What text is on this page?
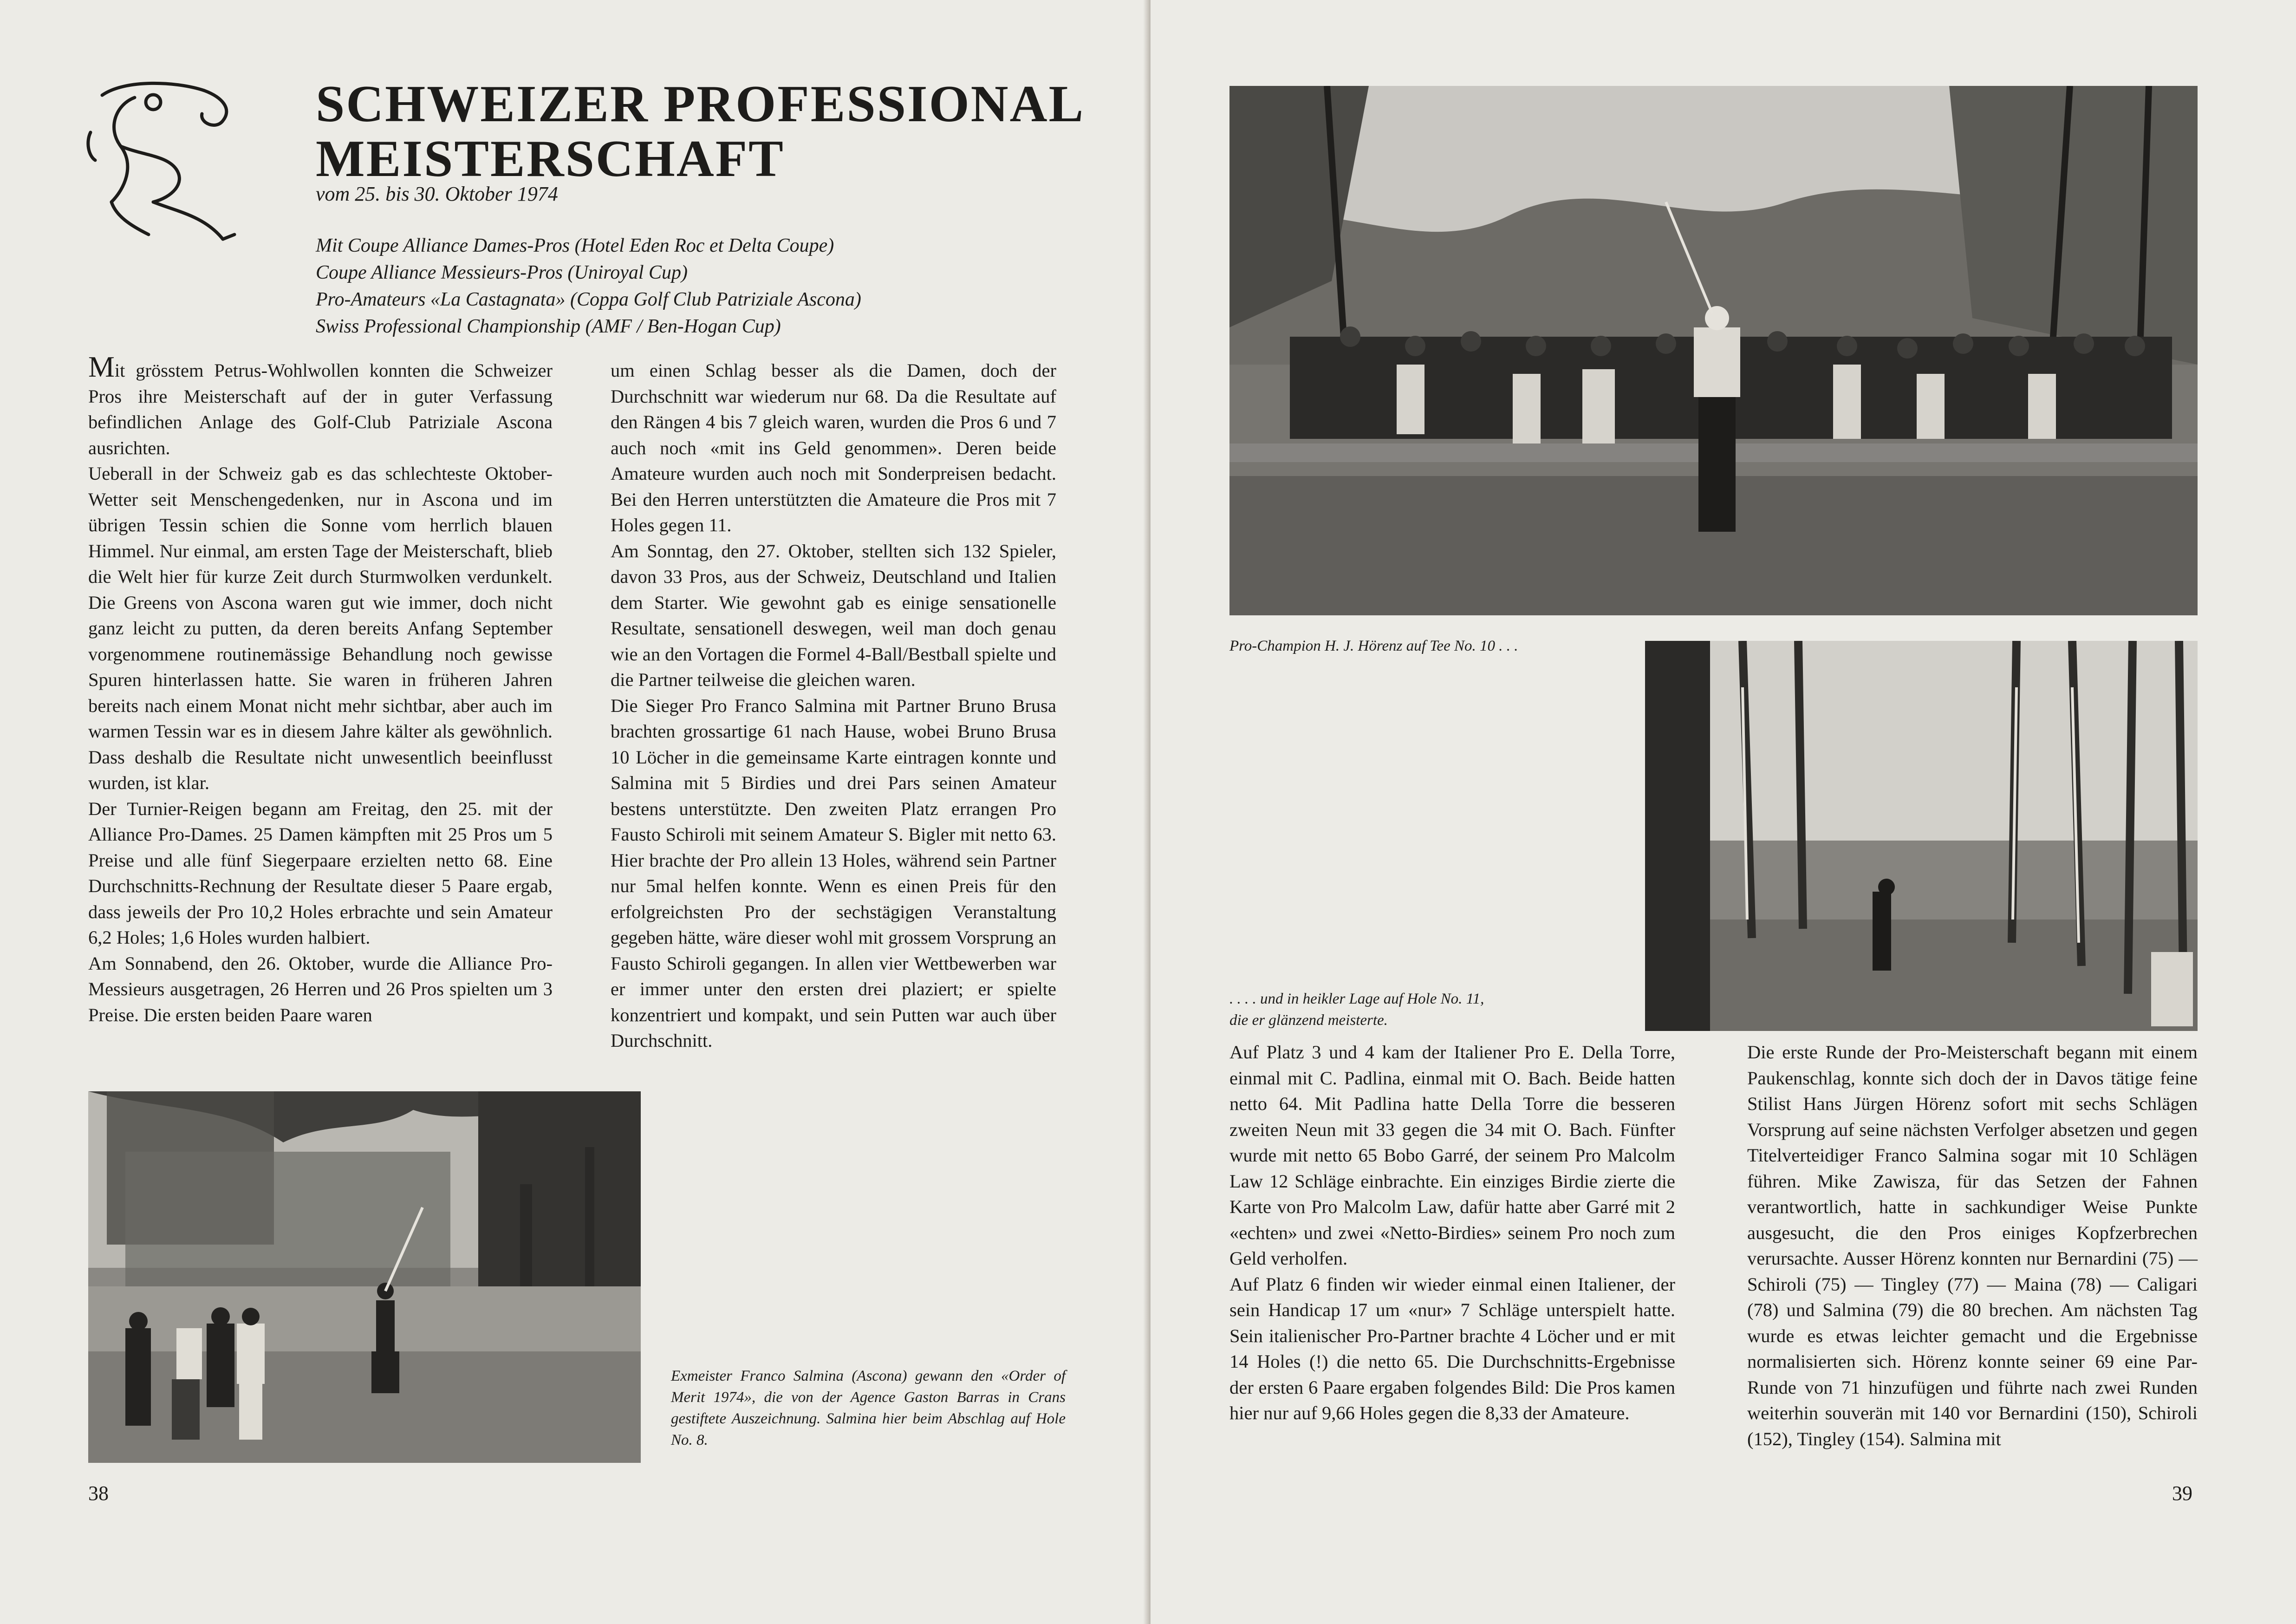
SCHWEIZER PROFESSIONAL
MEISTERSCHAFT

vom 25. bis 30. Oktober 1974

Mit Coupe Alliance Dames-Pros (Hotel Eden Roc et Delta Coupe)
Coupe Alliance Messieurs-Pros (Uniroyal Cup)
Pro-Amateurs «La Castagnata» (Coppa Golf Club Patriziale Ascona)
Swiss Professional Championship (AMF / Ben-Hogan Cup)

Mit grösstem Petrus-Wohlwollen konnten die Schweizer Pros ihre Meisterschaft auf der in guter Verfassung befindlichen Anlage des Golf-Club Patriziale Ascona ausrichten.

Ueberall in der Schweiz gab es das schlechteste Oktober-Wetter seit Menschengedenken, nur in Ascona und im übrigen Tessin schien die Sonne vom herrlich blauen Himmel. Nur einmal, am ersten Tage der Meisterschaft, blieb die Welt hier für kurze Zeit durch Sturmwolken verdunkelt. Die Greens von Ascona waren gut wie immer, doch nicht ganz leicht zu putten, da deren bereits Anfang September vorgenommene routinemässige Behandlung noch gewisse Spuren hinterlassen hatte. Sie waren in früheren Jahren bereits nach einem Monat nicht mehr sichtbar, aber auch im warmen Tessin war es in diesem Jahre kälter als gewöhnlich. Dass deshalb die Resultate nicht unwesentlich beeinflusst wurden, ist klar.

Der Turnier-Reigen begann am Freitag, den 25. mit der Alliance Pro-Dames. 25 Damen kämpften mit 25 Pros um 5 Preise und alle fünf Siegerpaare erzielten netto 68. Eine Durchschnitts-Rechnung der Resultate dieser 5 Paare ergab, dass jeweils der Pro 10,2 Holes erbrachte und sein Amateur 6,2 Holes; 1,6 Holes wurden halbiert.

Am Sonnabend, den 26. Oktober, wurde die Alliance Pro-Messieurs ausgetragen, 26 Herren und 26 Pros spielten um 3 Preise. Die ersten beiden Paare waren

um einen Schlag besser als die Damen, doch der Durchschnitt war wiederum nur 68. Da die Resultate auf den Rängen 4 bis 7 gleich waren, wurden die Pros 6 und 7 auch noch «mit ins Geld genommen». Deren beide Amateure wurden auch noch mit Sonderpreisen bedacht. Bei den Herren unterstützten die Amateure die Pros mit 7 Holes gegen 11.

Am Sonntag, den 27. Oktober, stellten sich 132 Spieler, davon 33 Pros, aus der Schweiz, Deutschland und Italien dem Starter. Wie gewohnt gab es einige sensationelle Resultate, sensationell deswegen, weil man doch genau wie an den Vortagen die Formel 4-Ball/Bestball spielte und die Partner teilweise die gleichen waren.

Die Sieger Pro Franco Salmina mit Partner Bruno Brusa brachten grossartige 61 nach Hause, wobei Bruno Brusa 10 Löcher in die gemeinsame Karte eintragen konnte und Salmina mit 5 Birdies und drei Pars seinen Amateur bestens unterstützte. Den zweiten Platz errangen Pro Fausto Schiroli mit seinem Amateur S. Bigler mit netto 63. Hier brachte der Pro allein 13 Holes, während sein Partner nur 5mal helfen konnte. Wenn es einen Preis für den erfolgreichsten Pro der sechstägigen Veranstaltung gegeben hätte, wäre dieser wohl mit grossem Vorsprung an Fausto Schiroli gegangen. In allen vier Wettbewerben war er immer unter den ersten drei plaziert; er spielte konzentriert und kompakt, und sein Putten war auch über Durchschnitt.

Exmeister Franco Salmina (Ascona) gewann den «Order of Merit 1974», die von der Agence Gaston Barras in Crans gestiftete Auszeichnung. Salmina hier beim Abschlag auf Hole No. 8.
38
Pro-Champion H. J. Hörenz auf Tee No. 10 . . .
. . . . und in heikler Lage auf Hole No. 11,
die er glänzend meisterte.

Auf Platz 3 und 4 kam der Italiener Pro E. Della Torre, einmal mit C. Padlina, einmal mit O. Bach. Beide hatten netto 64. Mit Padlina hatte Della Torre die besseren zweiten Neun mit 33 gegen die 34 mit O. Bach. Fünfter wurde mit netto 65 Bobo Garré, der seinem Pro Malcolm Law 12 Schläge einbrachte. Ein einziges Birdie zierte die Karte von Pro Malcolm Law, dafür hatte aber Garré mit 2 «echten» und zwei «Netto-Birdies» seinem Pro noch zum Geld verholfen.

Auf Platz 6 finden wir wieder einmal einen Italiener, der sein Handicap 17 um «nur» 7 Schläge unterspielt hatte. Sein italienischer Pro-Partner brachte 4 Löcher und er mit 14 Holes (!) die netto 65. Die Durchschnitts-Ergebnisse der ersten 6 Paare ergaben folgendes Bild: Die Pros kamen hier nur auf 9,66 Holes gegen die 8,33 der Amateure.

Die erste Runde der Pro-Meisterschaft begann mit einem Paukenschlag, konnte sich doch der in Davos tätige feine Stilist Hans Jürgen Hörenz sofort mit sechs Schlägen Vorsprung auf seine nächsten Verfolger absetzen und gegen Titelverteidiger Franco Salmina sogar mit 10 Schlägen führen. Mike Zawisza, für das Setzen der Fahnen verantwortlich, hatte in sachkundiger Weise Punkte ausgesucht, die den Pros einiges Kopfzerbrechen verursachte. Ausser Hörenz konnten nur Bernardini (75) — Schiroli (75) — Tingley (77) — Maina (78) — Caligari (78) und Salmina (79) die 80 brechen. Am nächsten Tag wurde es etwas leichter gemacht und die Ergebnisse normalisierten sich. Hörenz konnte seiner 69 eine Par-Runde von 71 hinzufügen und führte nach zwei Runden weiterhin souverän mit 140 vor Bernardini (150), Schiroli (152), Tingley (154). Salmina mit

39
